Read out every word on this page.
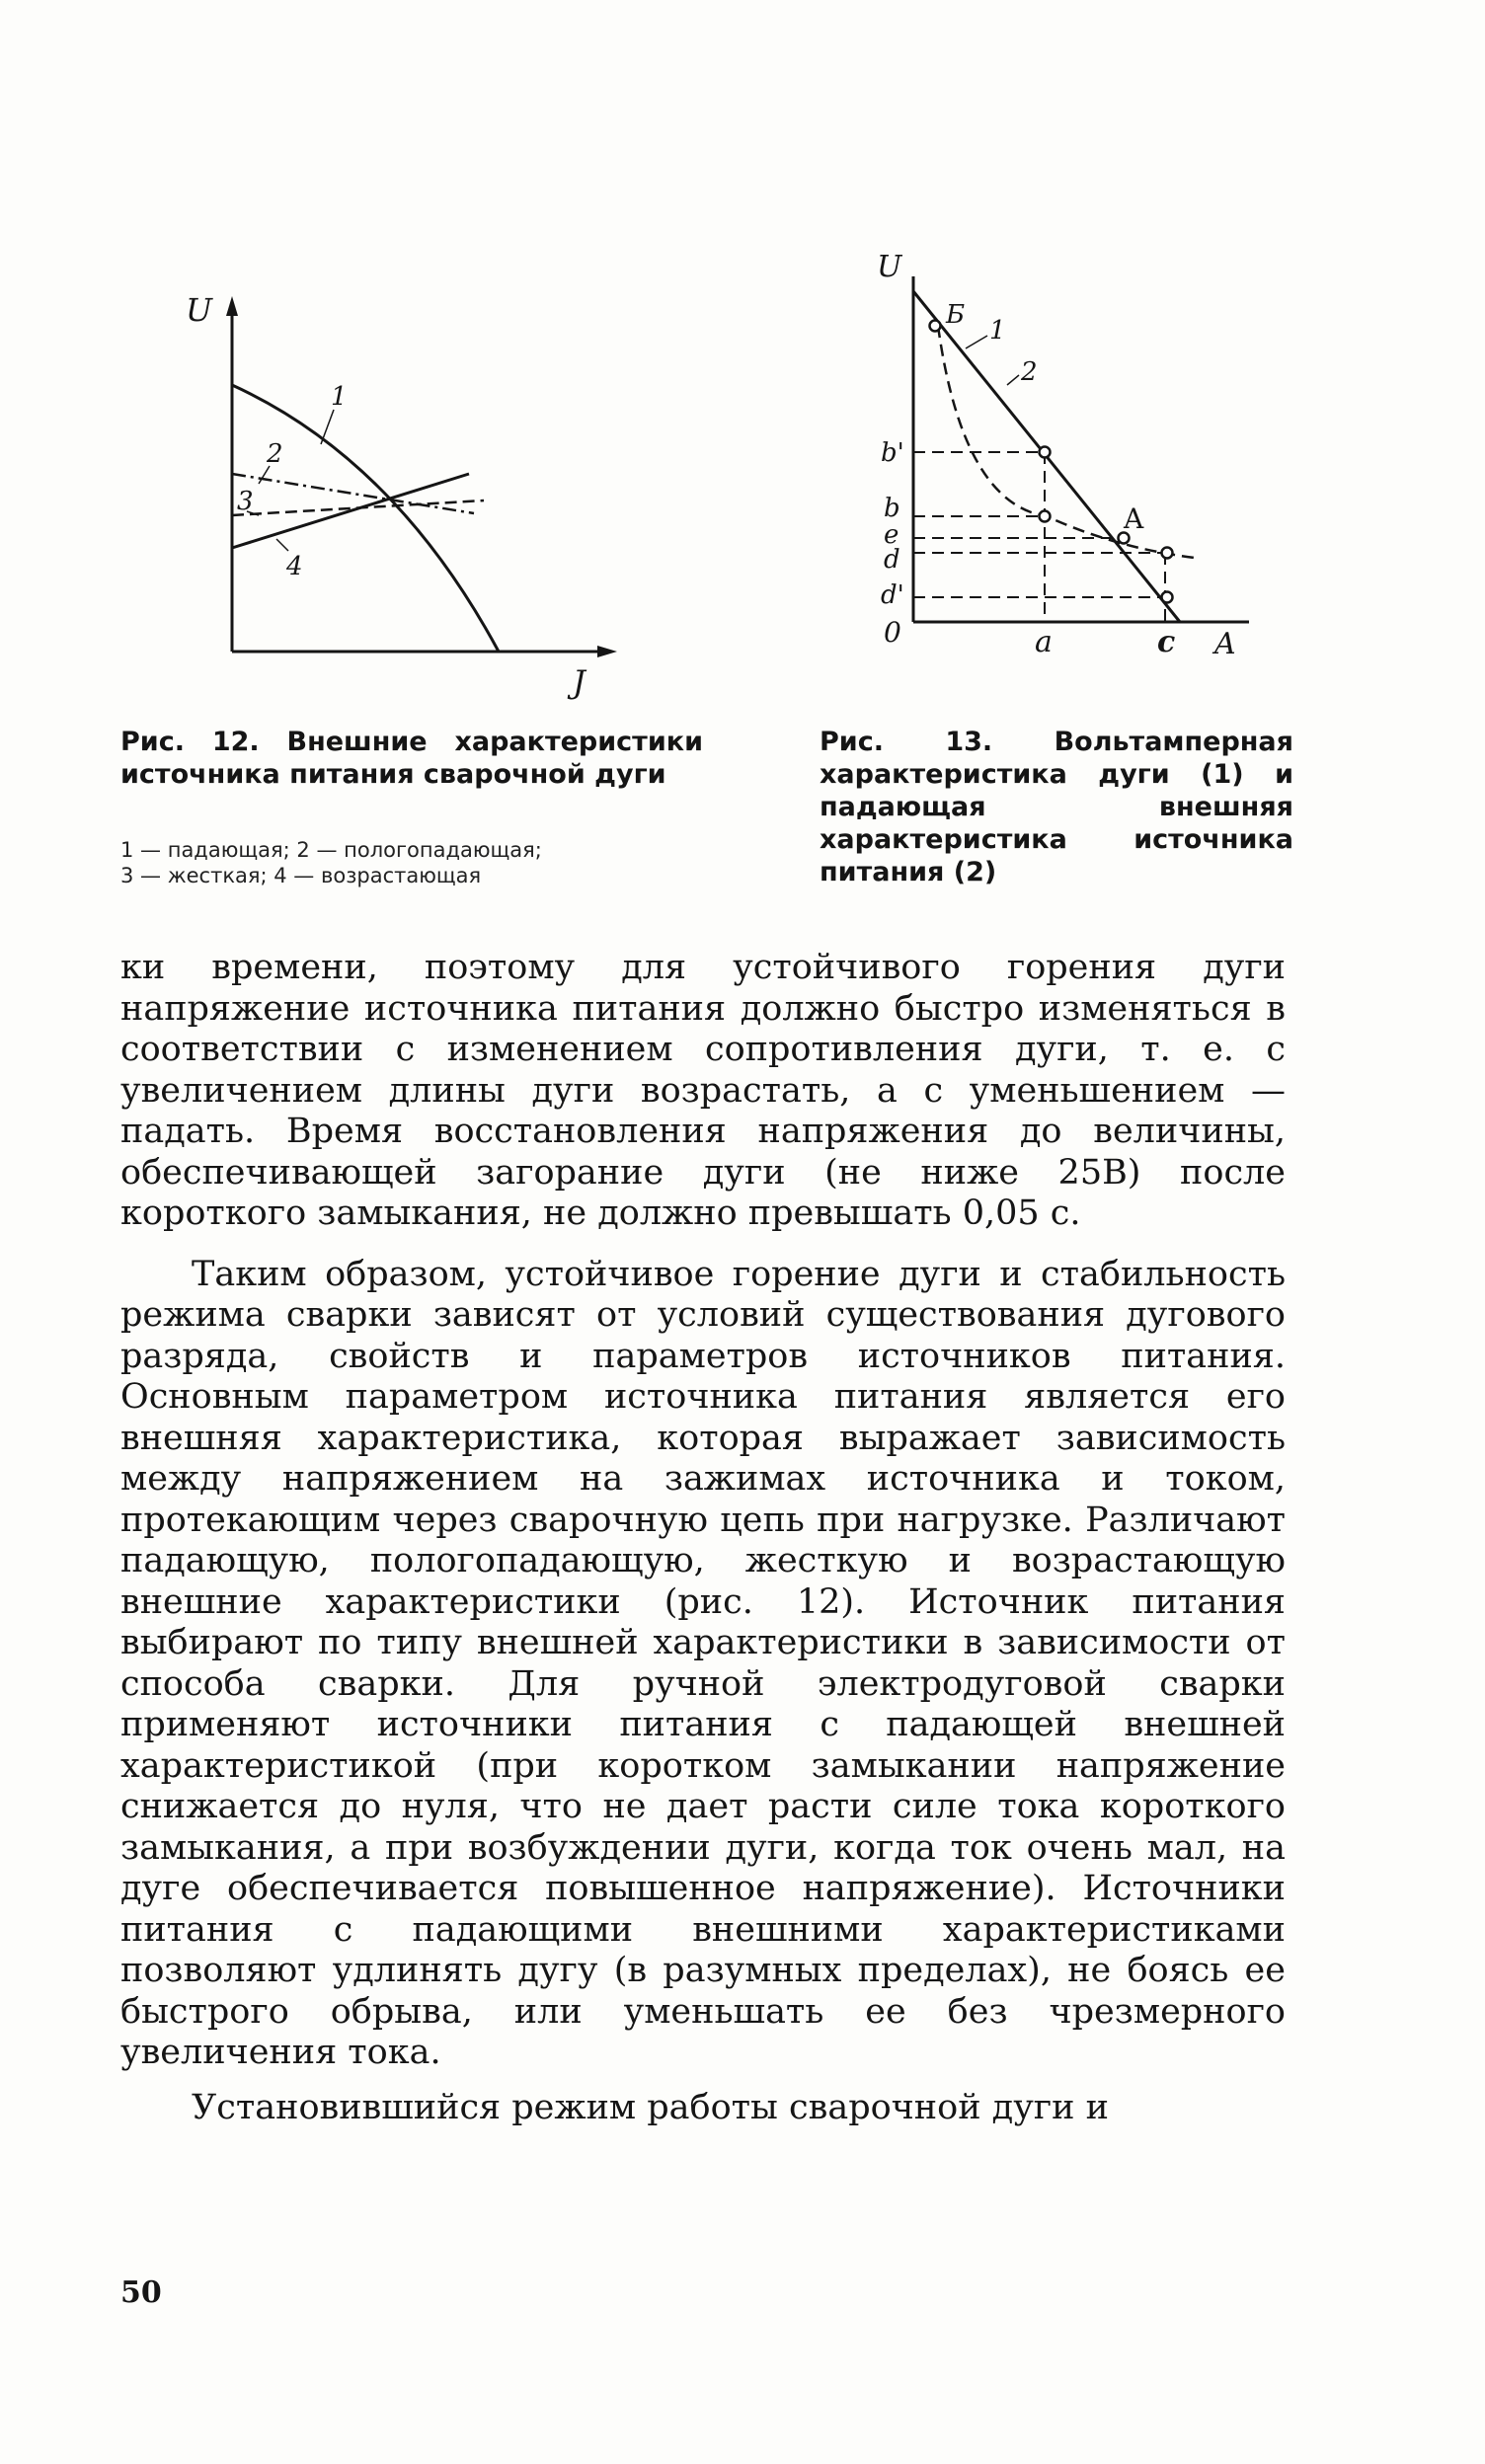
U
J
1
2
3
4
Рис. 12. Внешние характеристики источника питания сварочной дуги
1 — падающая; 2 — пологопадающая;
3 — жесткая; 4 — возрастающая
U
A
0
Б
A
1
2
b'
b
e
d
d'
a	c
Рис. 13. Вольтамперная характеристика дуги (1) и падающая внешняя характеристика источника питания (2)

ки времени, поэтому для устойчивого горения дуги напряжение источника питания должно быстро изменяться в соответствии с изменением сопротивления дуги, т. е. с увеличением длины дуги возрастать, а с уменьшением — падать. Время восстановления напряжения до величины, обеспечивающей загорание дуги (не ниже 25В) после короткого замыкания, не должно превышать 0,05 с.

Таким образом, устойчивое горение дуги и стабильность режима сварки зависят от условий существования дугового разряда, свойств и параметров источников питания. Основным параметром источника питания является его внешняя характеристика, которая выражает зависимость между напряжением на зажимах источника и током, протекающим через сварочную цепь при нагрузке. Различают падающую, пологопадающую, жесткую и возрастающую внешние характеристики (рис. 12). Источник питания выбирают по типу внешней характеристики в зависимости от способа сварки. Для ручной электродуговой сварки применяют источники питания с падающей внешней характеристикой (при коротком замыкании напряжение снижается до нуля, что не дает расти силе тока короткого замыкания, а при возбуждении дуги, когда ток очень мал, на дуге обеспечивается повышенное напряжение). Источники питания с падающими внешними характеристиками позволяют удлинять дугу (в разумных пределах), не боясь ее быстрого обрыва, или уменьшать ее без чрезмерного увеличения тока.

Установившийся режим работы сварочной дуги и

50
